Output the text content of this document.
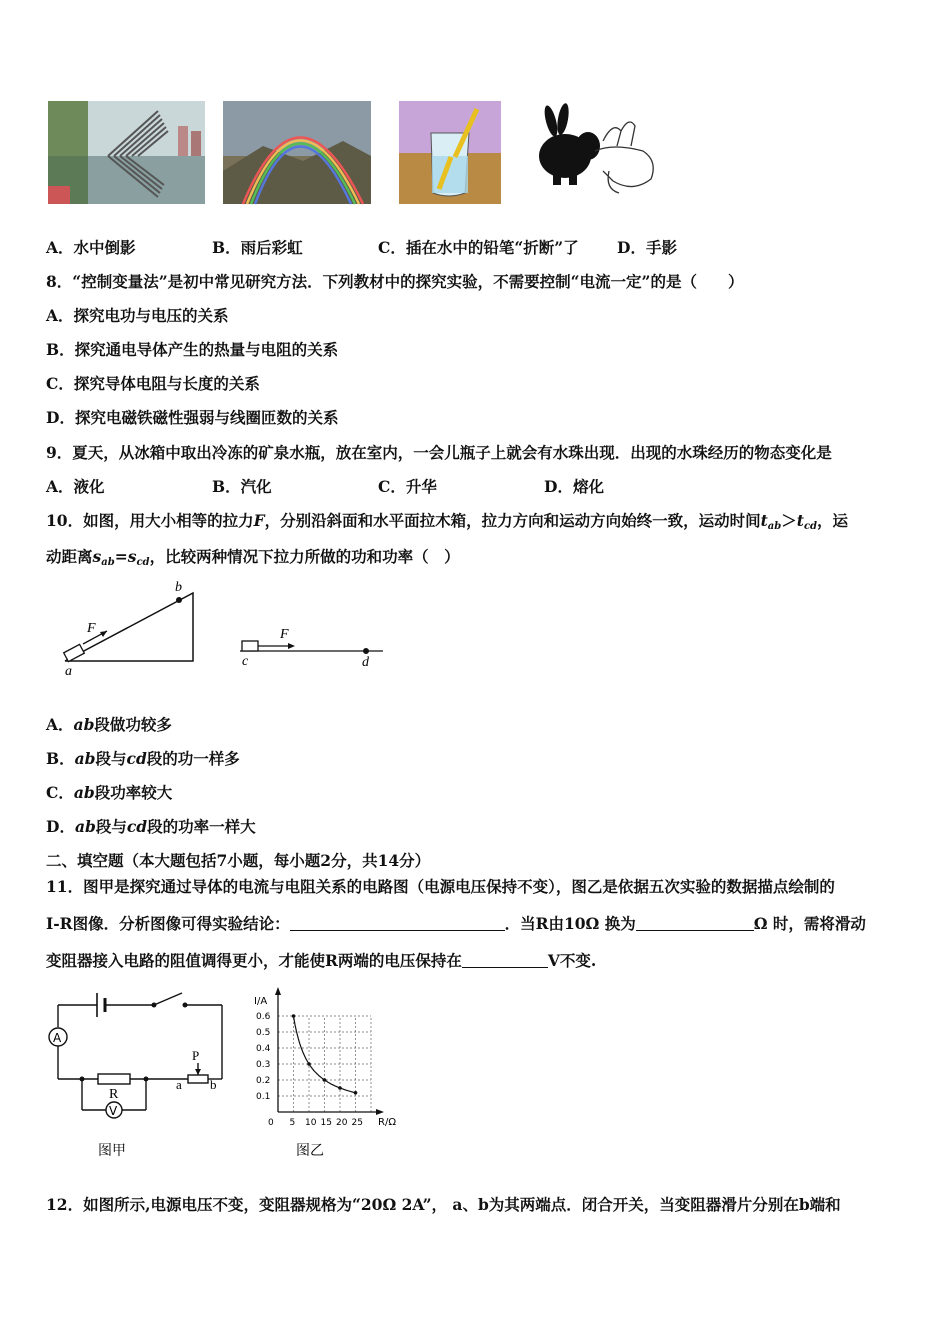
A．水中倒影	B．雨后彩虹	C．插在水中的铅笔“折断”了 D．手影
8．“控制变量法”是初中常见研究方法．下列教材中的探究实验，不需要控制“电流一定”的是（　　）
A．探究电功与电压的关系
B．探究通电导体产生的热量与电阻的关系
C．探究导体电阻与长度的关系
D．探究电磁铁磁性强弱与线圈匝数的关系
9．夏天，从冰箱中取出冷冻的矿泉水瓶，放在室内，一会儿瓶子上就会有水珠出现．出现的水珠经历的物态变化是
A．液化	B．汽化	C．升华	D．熔化
10．如图，用大小相等的拉力F，分别沿斜面和水平面拉木箱，拉力方向和运动方向始终一致，运动时间$t_{ab}>t_{cd}$，运
动距离$s_{ab}=s_{cd}$，比较两种情况下拉力所做的功和功率（　）
F
b
a
F
c	d
A．ab段做功较多
B．ab段与cd段的功一样多
C．ab段功率较大
D．ab段与cd段的功率一样大
二、填空题（本大题包括7小题，每小题2分，共14分）
11．图甲是探究通过导体的电流与电阻关系的电路图（电源电压保持不变），图乙是依据五次实验的数据描点绘制的
I-R图像．分析图像可得实验结论：	．当R由10Ω 换为	Ω 时，需将滑动
变阻器接入电路的阻值调得更小，才能使R两端的电压保持在	V不变.
A
V
R
P
a b
图甲
0.6
0.5
0.4
0.3
0.2
0.1
0 5 10 15 20 25
I/A
R/Ω
图乙
12．如图所示,电源电压不变，变阻器规格为“20Ω 2A”， a、b为其两端点．闭合开关，当变阻器滑片分别在b端和
